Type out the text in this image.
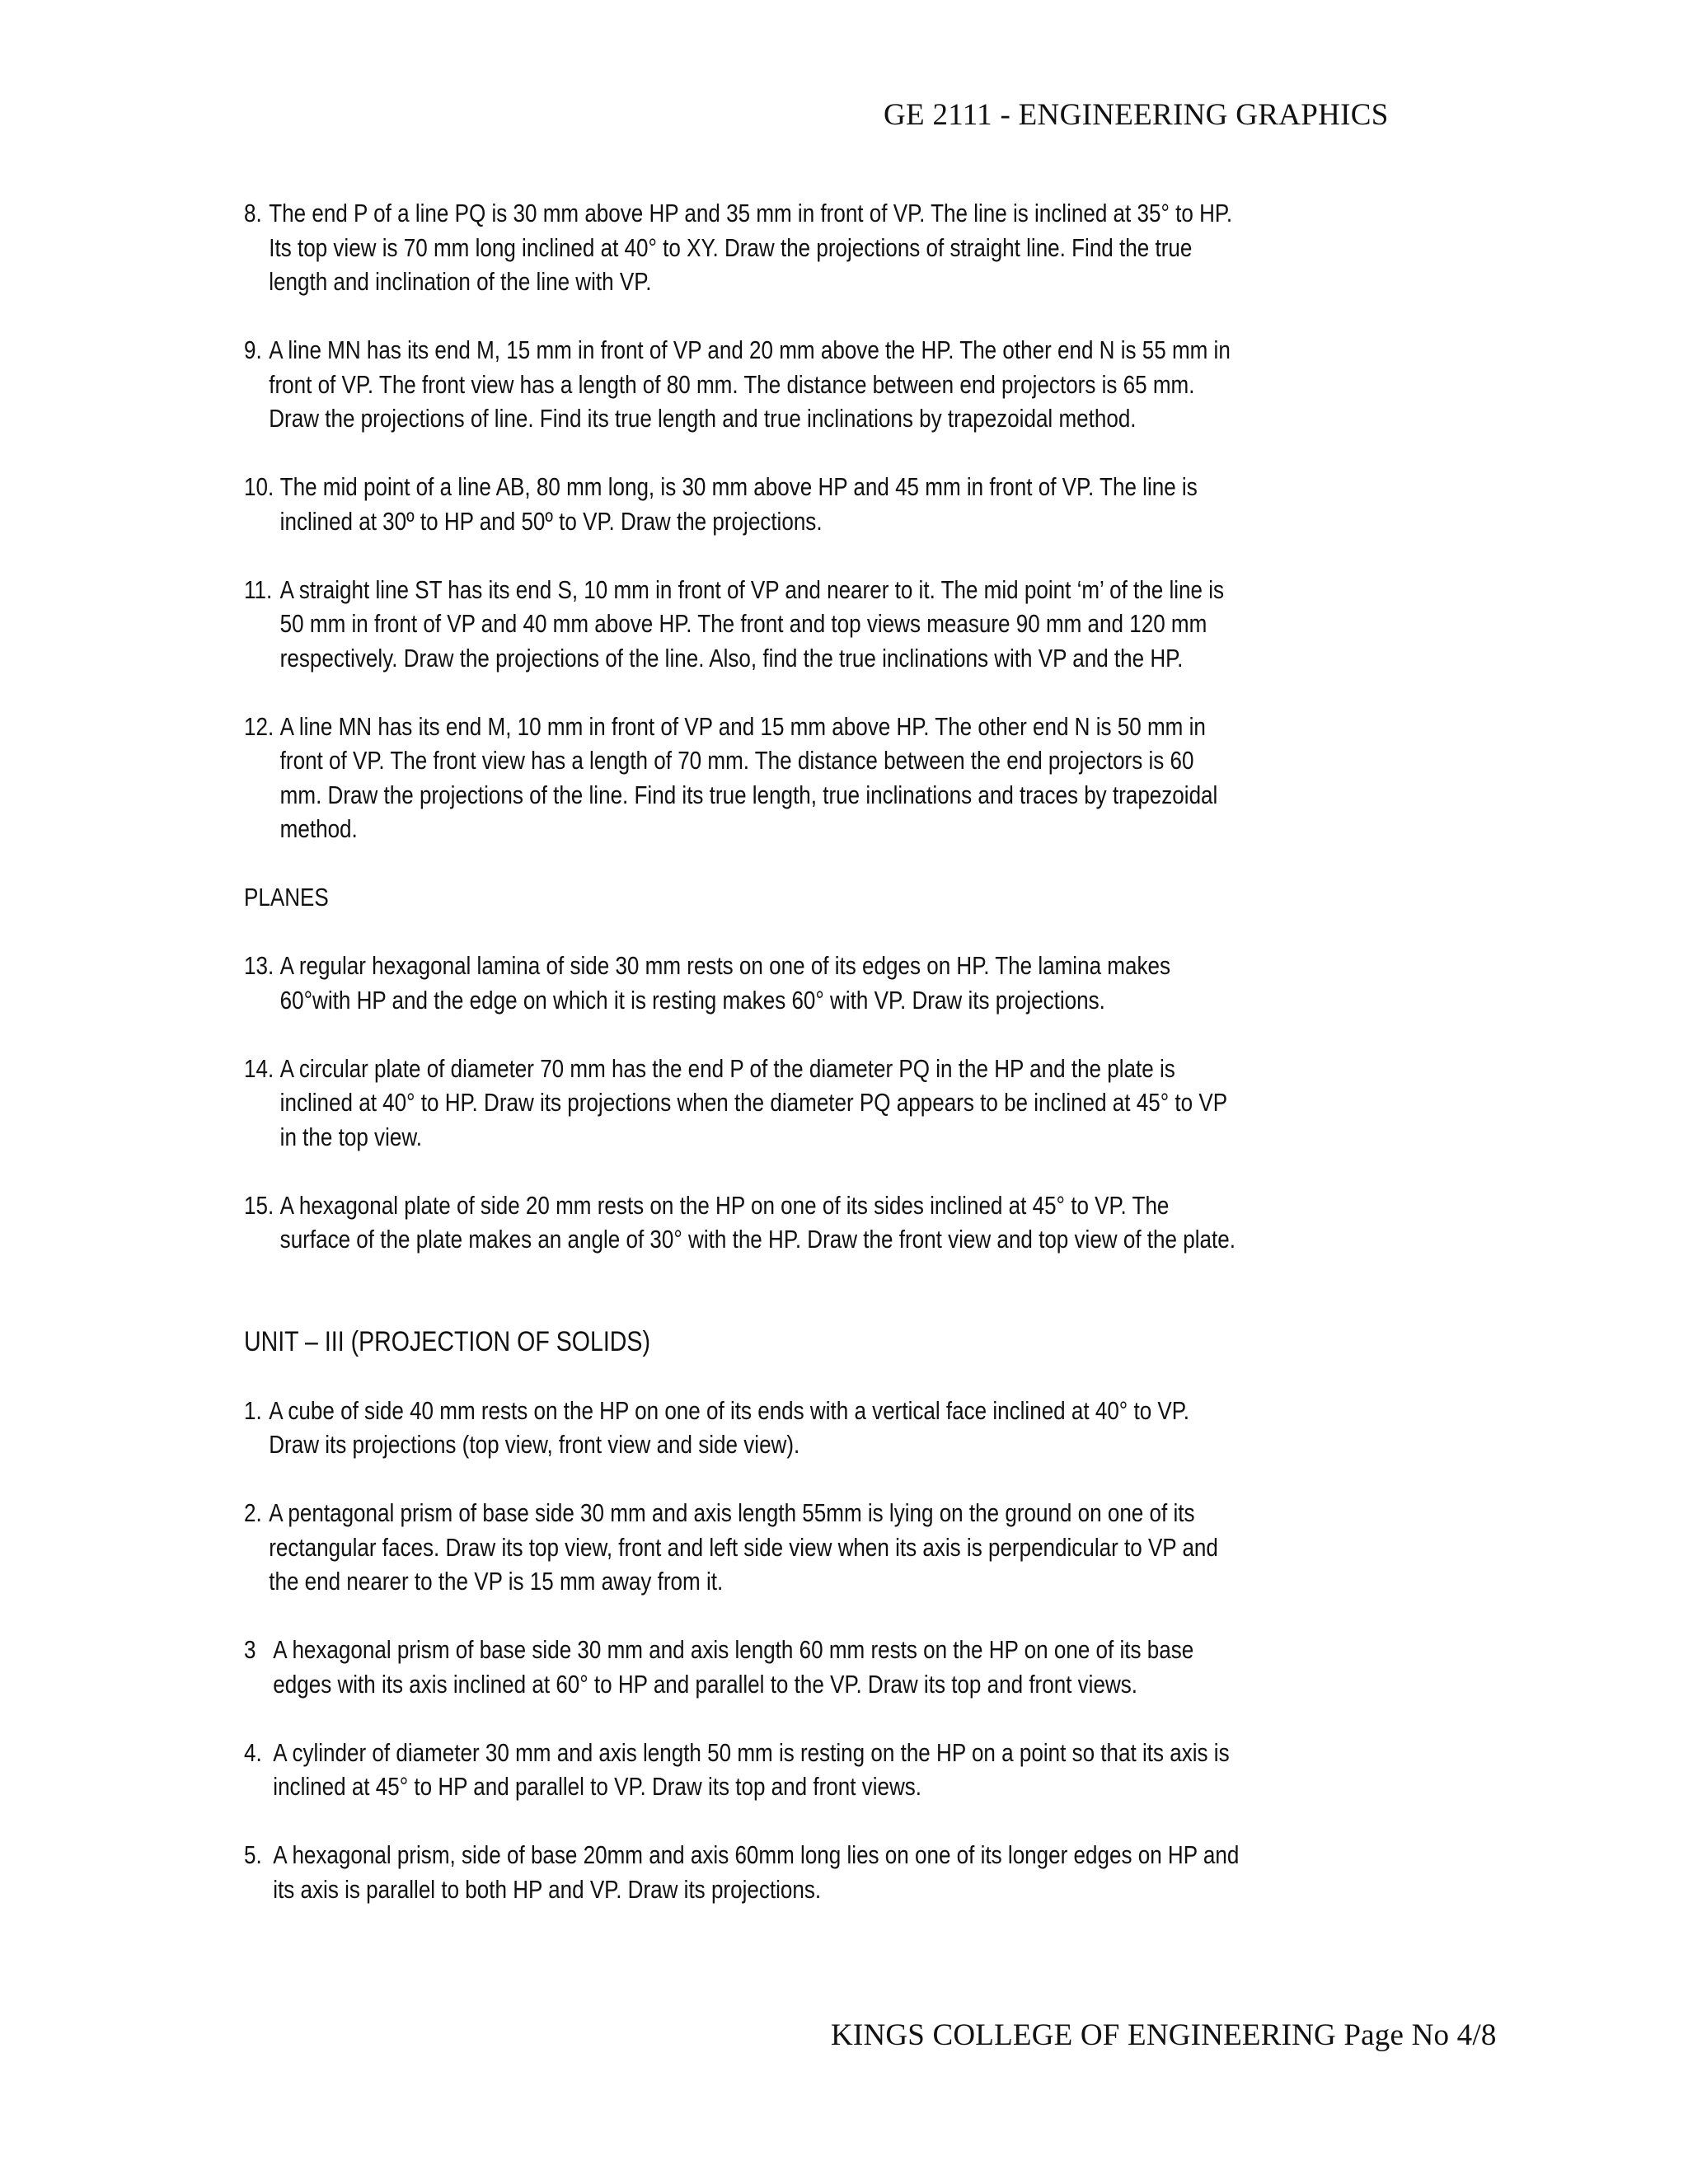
GE 2111 - ENGINEERING GRAPHICS
8. The end P of a line PQ is 30 mm above HP and 35 mm in front of VP. The line is inclined at 35° to HP. Its top view is 70 mm long inclined at 40° to XY. Draw the projections of straight line. Find the true length and inclination of the line with VP.
9. A line MN has its end M, 15 mm in front of VP and 20 mm above the HP. The other end N is 55 mm in front of VP. The front view has a length of 80 mm. The distance between end projectors is 65 mm. Draw the projections of line. Find its true length and true inclinations by trapezoidal method.
10. The mid point of a line AB, 80 mm long, is 30 mm above HP and 45 mm in front of VP. The line is inclined at 30º to HP and 50º to VP. Draw the projections.
11. A straight line ST has its end S, 10 mm in front of VP and nearer to it. The mid point ‘m’ of the line is 50 mm in front of VP and 40 mm above HP. The front and top views measure 90 mm and 120 mm respectively. Draw the projections of the line. Also, find the true inclinations with VP and the HP.
12. A line MN has its end M, 10 mm in front of VP and 15 mm above HP. The other end N is 50 mm in front of VP. The front view has a length of 70 mm. The distance between the end projectors is 60 mm. Draw the projections of the line. Find its true length, true inclinations and traces by trapezoidal method.
PLANES
13. A regular hexagonal lamina of side 30 mm rests on one of its edges on HP. The lamina makes 60°with HP and the edge on which it is resting makes 60° with VP. Draw its projections.
14. A circular plate of diameter 70 mm has the end P of the diameter PQ in the HP and the plate is inclined at 40° to HP. Draw its projections when the diameter PQ appears to be inclined at 45° to VP in the top view.
15. A hexagonal plate of side 20 mm rests on the HP on one of its sides inclined at 45° to VP. The surface of the plate makes an angle of 30° with the HP. Draw the front view and top view of the plate.
UNIT – III (PROJECTION OF SOLIDS)
1. A cube of side 40 mm rests on the HP on one of its ends with a vertical face inclined at 40° to VP. Draw its projections (top view, front view and side view).
2. A pentagonal prism of base side 30 mm and axis length 55mm is lying on the ground on one of its rectangular faces. Draw its top view, front and left side view when its axis is perpendicular to VP and the end nearer to the VP is 15 mm away from it.
3 A hexagonal prism of base side 30 mm and axis length 60 mm rests on the HP on one of its base edges with its axis inclined at 60° to HP and parallel to the VP. Draw its top and front views.
4. A cylinder of diameter 30 mm and axis length 50 mm is resting on the HP on a point so that its axis is inclined at 45° to HP and parallel to VP. Draw its top and front views.
5. A hexagonal prism, side of base 20mm and axis 60mm long lies on one of its longer edges on HP and its axis is parallel to both HP and VP. Draw its projections.
KINGS COLLEGE OF ENGINEERING Page No 4/8
